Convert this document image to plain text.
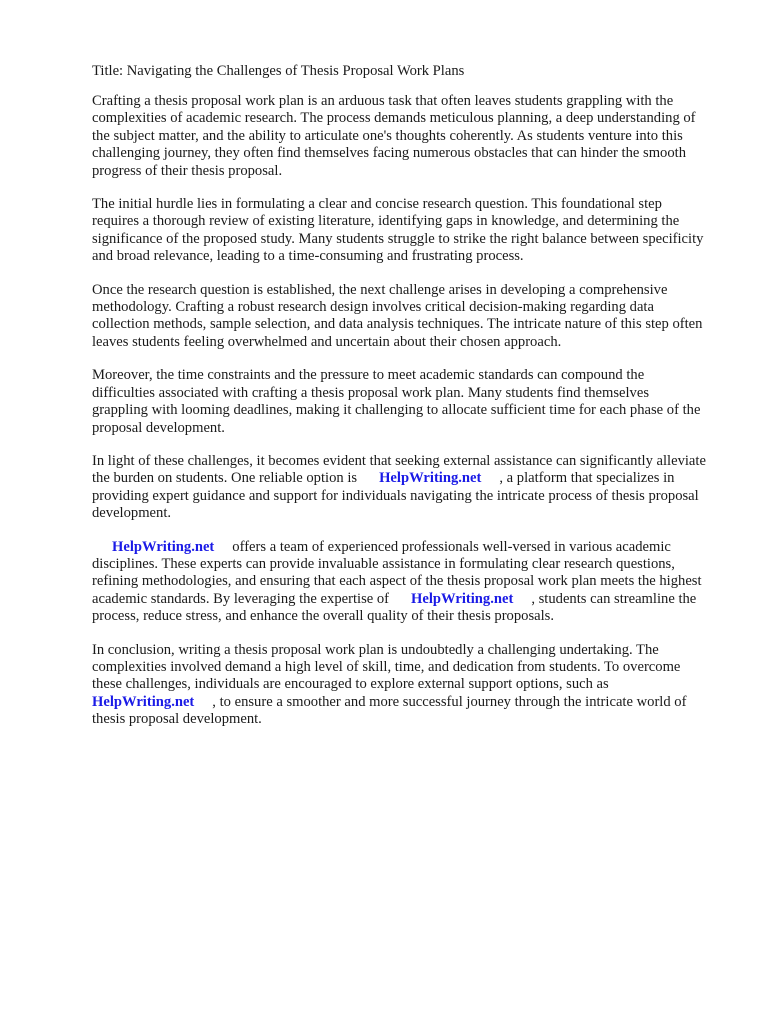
Title: Navigating the Challenges of Thesis Proposal Work Plans

Crafting a thesis proposal work plan is an arduous task that often leaves students grappling with the complexities of academic research. The process demands meticulous planning, a deep understanding of the subject matter, and the ability to articulate one's thoughts coherently. As students venture into this challenging journey, they often find themselves facing numerous obstacles that can hinder the smooth progress of their thesis proposal.

The initial hurdle lies in formulating a clear and concise research question. This foundational step requires a thorough review of existing literature, identifying gaps in knowledge, and determining the significance of the proposed study. Many students struggle to strike the right balance between specificity and broad relevance, leading to a time-consuming and frustrating process.

Once the research question is established, the next challenge arises in developing a comprehensive methodology. Crafting a robust research design involves critical decision-making regarding data collection methods, sample selection, and data analysis techniques. The intricate nature of this step often leaves students feeling overwhelmed and uncertain about their chosen approach.

Moreover, the time constraints and the pressure to meet academic standards can compound the difficulties associated with crafting a thesis proposal work plan. Many students find themselves grappling with looming deadlines, making it challenging to allocate sufficient time for each phase of the proposal development.

In light of these challenges, it becomes evident that seeking external assistance can significantly alleviate the burden on students. One reliable option is HelpWriting.net , a platform that specializes in providing expert guidance and support for individuals navigating the intricate process of thesis proposal development.

HelpWriting.net offers a team of experienced professionals well-versed in various academic disciplines. These experts can provide invaluable assistance in formulating clear research questions, refining methodologies, and ensuring that each aspect of the thesis proposal work plan meets the highest academic standards. By leveraging the expertise of HelpWriting.net , students can streamline the process, reduce stress, and enhance the overall quality of their thesis proposals.

In conclusion, writing a thesis proposal work plan is undoubtedly a challenging undertaking. The complexities involved demand a high level of skill, time, and dedication from students. To overcome these challenges, individuals are encouraged to explore external support options, such as HelpWriting.net , to ensure a smoother and more successful journey through the intricate world of thesis proposal development.
